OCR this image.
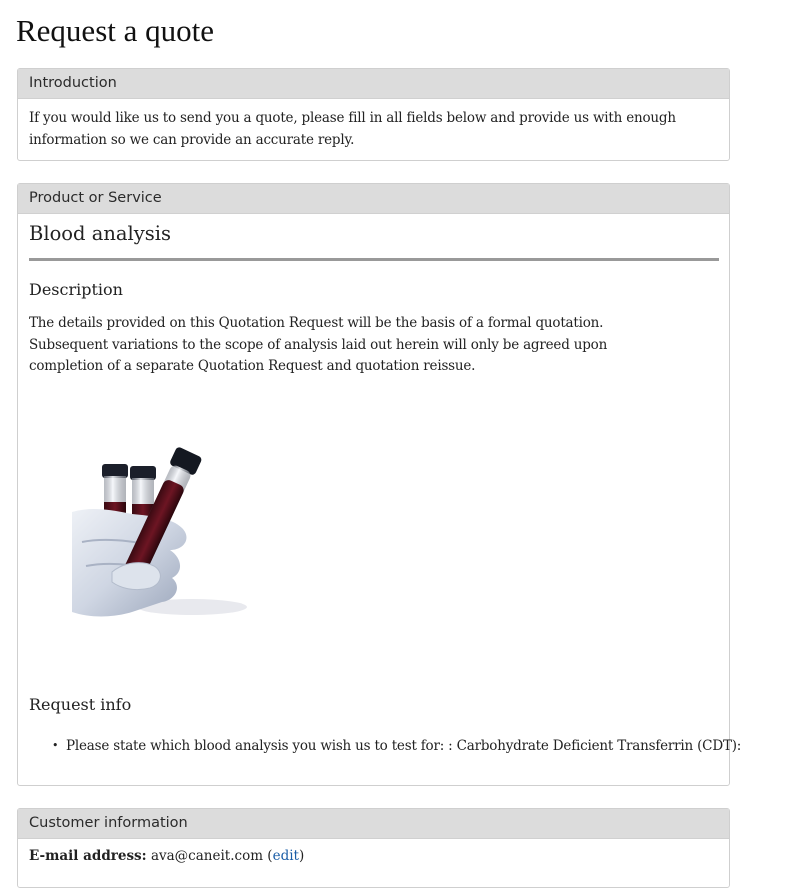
Request a quote
Introduction

If you would like us to send you a quote, please fill in all fields below and provide us with enough information so we can provide an accurate reply.

Product or Service
Blood analysis
Description

The details provided on this Quotation Request will be the basis of a formal quotation. Subsequent variations to the scope of analysis laid out herein will only be agreed upon completion of a separate Quotation Request and quotation reissue.

Request info
• Please state which blood analysis you wish us to test for: : Carbohydrate Deficient Transferrin (CDT):
Customer information

E-mail address: ava@caneit.com (edit)
